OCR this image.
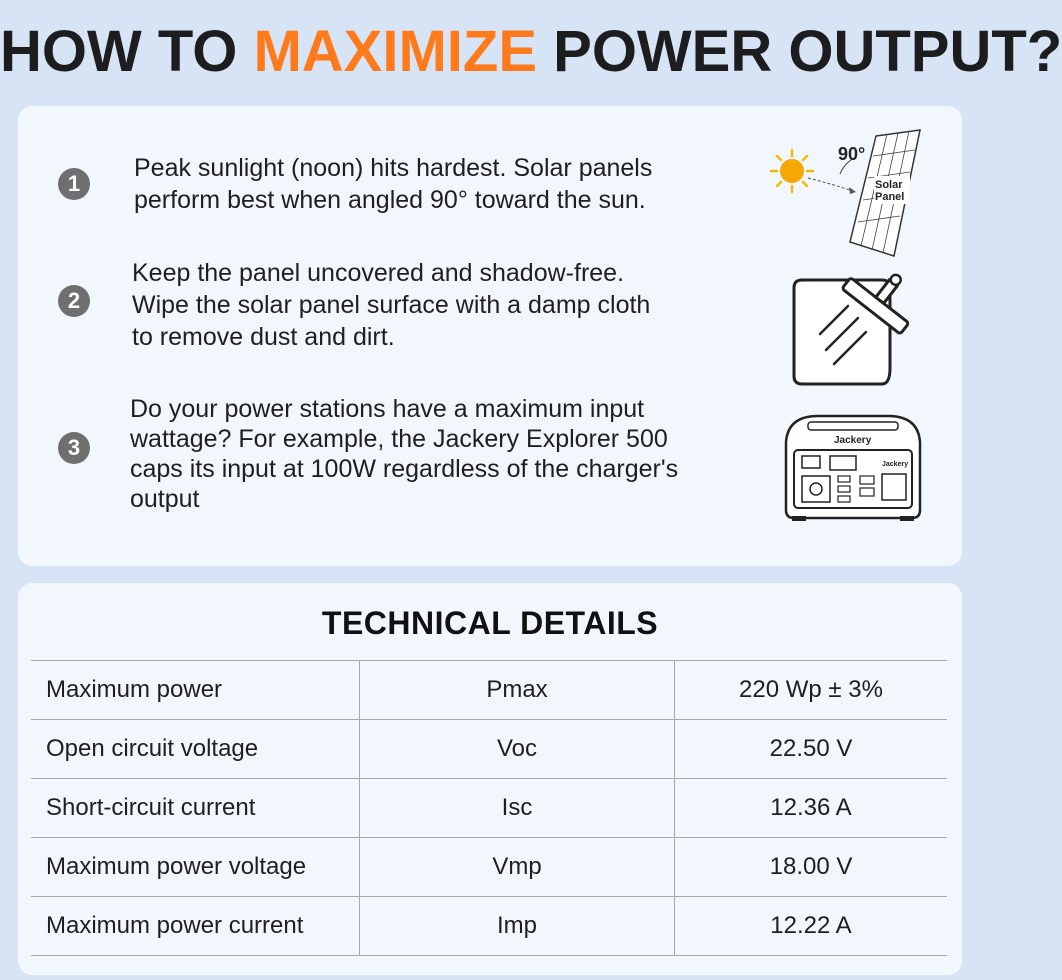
HOW TO MAXIMIZE POWER OUTPUT?
1
Peak sunlight (noon) hits hardest. Solar panels
perform best when angled 90° toward the sun.
90°
Solar
Panel
2
Keep the panel uncovered and shadow-free.
Wipe the solar panel surface with a damp cloth
to remove dust and dirt.
3
Do your power stations have a maximum input
wattage? For example, the Jackery Explorer 500
caps its input at 100W regardless of the charger's
output
Jackery
Jackery
TECHNICAL DETAILS
Maximum power	Pmax	220 Wp ± 3%
Open circuit voltage	Voc	22.50 V
Short-circuit current	Isc	12.36 A
Maximum power voltage	Vmp	18.00 V
Maximum power current	Imp	12.22 A
